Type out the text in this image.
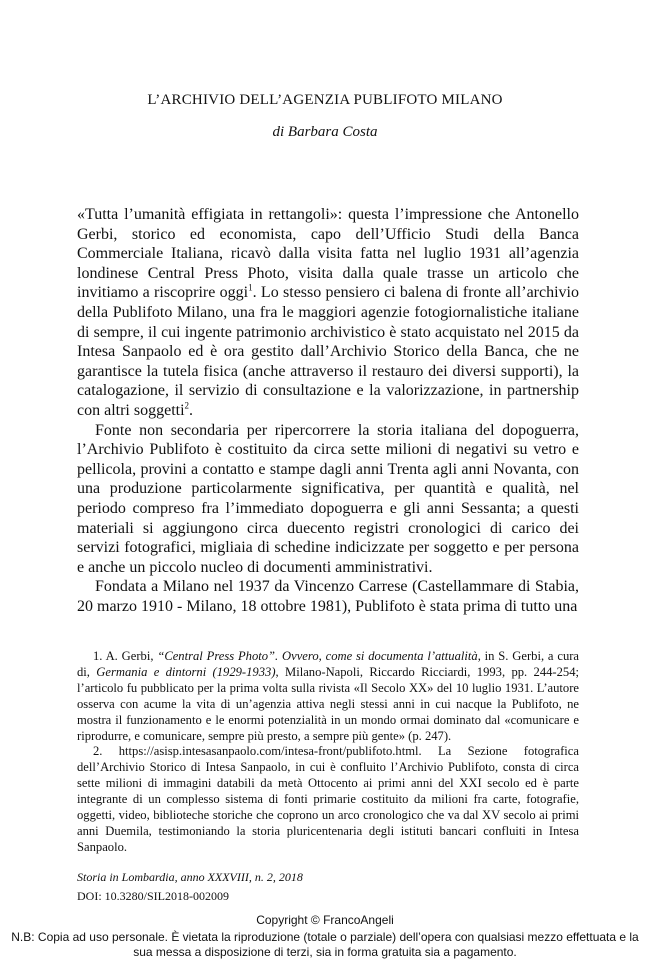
L’ARCHIVIO DELL’AGENZIA PUBLIFOTO MILANO
di Barbara Costa

«Tutta l’umanità effigiata in rettangoli»: questa l’impressione che Antonello Gerbi, storico ed economista, capo dell’Ufficio Studi della Banca Commerciale Italiana, ricavò dalla visita fatta nel luglio 1931 all’agenzia londinese Central Press Photo, visita dalla quale trasse un articolo che invitiamo a riscoprire oggi$^1$. Lo stesso pensiero ci balena di fronte all’archivio della Publifoto Milano, una fra le maggiori agenzie fotogiornalistiche italiane di sempre, il cui ingente patrimonio archivistico è stato acquistato nel 2015 da Intesa Sanpaolo ed è ora gestito dall’Archivio Storico della Banca, che ne garantisce la tutela fisica (anche attraverso il restauro dei diversi supporti), la catalogazione, il servizio di consultazione e la valorizzazione, in partnership con altri soggetti$^2$.

Fonte non secondaria per ripercorrere la storia italiana del dopoguerra, l’Archivio Publifoto è costituito da circa sette milioni di negativi su vetro e pellicola, provini a contatto e stampe dagli anni Trenta agli anni Novanta, con una produzione particolarmente significativa, per quantità e qualità, nel periodo compreso fra l’immediato dopoguerra e gli anni Sessanta; a questi materiali si aggiungono circa duecento registri cronologici di carico dei servizi fotografici, migliaia di schedine indicizzate per soggetto e per persona e anche un piccolo nucleo di documenti amministrativi.

Fondata a Milano nel 1937 da Vincenzo Carrese (Castellammare di Stabia, 20 marzo 1910 - Milano, 18 ottobre 1981), Publifoto è stata prima di tutto una

1. A. Gerbi, “Central Press Photo”. Ovvero, come si documenta l’attualità, in S. Gerbi, a cura di, Germania e dintorni (1929-1933), Milano-Napoli, Riccardo Ricciardi, 1993, pp. 244-254; l’articolo fu pubblicato per la prima volta sulla rivista «Il Secolo XX» del 10 luglio 1931. L’autore osserva con acume la vita di un’agenzia attiva negli stessi anni in cui nacque la Publifoto, ne mostra il funzionamento e le enormi potenzialità in un mondo ormai dominato dal «comunicare e riprodurre, e comunicare, sempre più presto, a sempre più gente» (p. 247).

2. https://asisp.intesasanpaolo.com/intesa-front/publifoto.html. La Sezione fotografica dell’Archivio Storico di Intesa Sanpaolo, in cui è confluito l’Archivio Publifoto, consta di circa sette milioni di immagini databili da metà Ottocento ai primi anni del XXI secolo ed è parte integrante di un complesso sistema di fonti primarie costituito da milioni fra carte, fotografie, oggetti, video, biblioteche storiche che coprono un arco cronologico che va dal XV secolo ai primi anni Duemila, testimoniando la storia pluricentenaria degli istituti bancari confluiti in Intesa Sanpaolo.

Storia in Lombardia, anno XXXVIII, n. 2, 2018
DOI: 10.3280/SIL2018-002009
Copyright © FrancoAngeli
N.B: Copia ad uso personale. È vietata la riproduzione (totale o parziale) dell’opera con qualsiasi mezzo effettuata e la sua messa a disposizione di terzi, sia in forma gratuita sia a pagamento.
